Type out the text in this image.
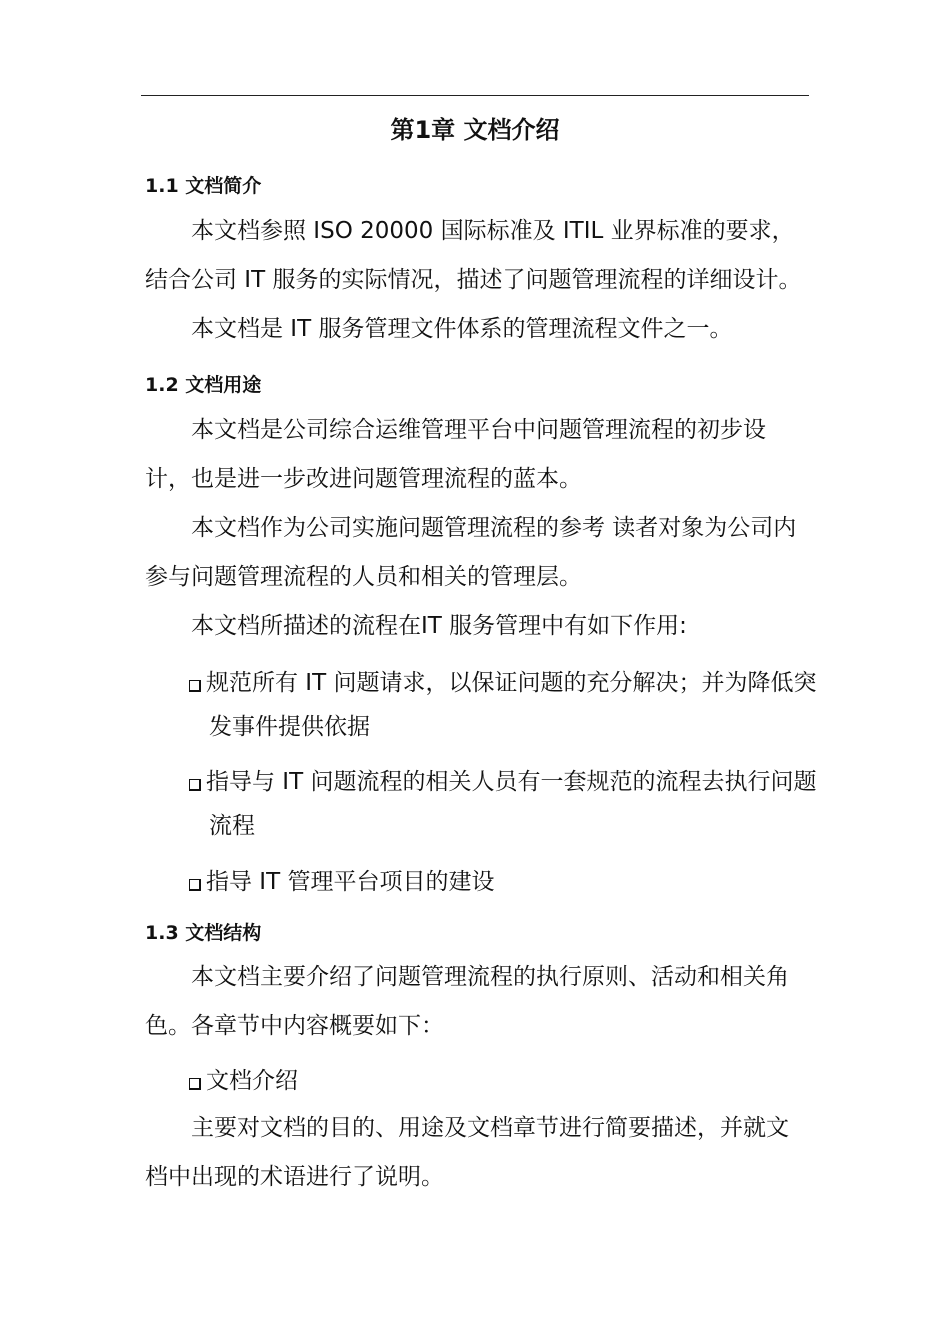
第1章 文档介绍
1.1 文档简介
本文档参照 ISO 20000 国际标准及 ITIL 业界标准的要求，结合公司 IT 服务的实际情况，描述了问题管理流程的详细设计。
本文档是 IT 服务管理文件体系的管理流程文件之一。
1.2 文档用途
本文档是公司综合运维管理平台中问题管理流程的初步设计，也是进一步改进问题管理流程的蓝本。
本文档作为公司实施问题管理流程的参考 读者对象为公司内参与问题管理流程的人员和相关的管理层。
本文档所描述的流程在IT 服务管理中有如下作用:
规范所有 IT 问题请求，以保证问题的充分解决；并为降低突发事件提供依据
指导与 IT 问题流程的相关人员有一套规范的流程去执行问题流程
指导 IT 管理平台项目的建设
1.3 文档结构
本文档主要介绍了问题管理流程的执行原则、活动和相关角色。各章节中内容概要如下：
文档介绍
主要对文档的目的、用途及文档章节进行简要描述，并就文档中出现的术语进行了说明。
